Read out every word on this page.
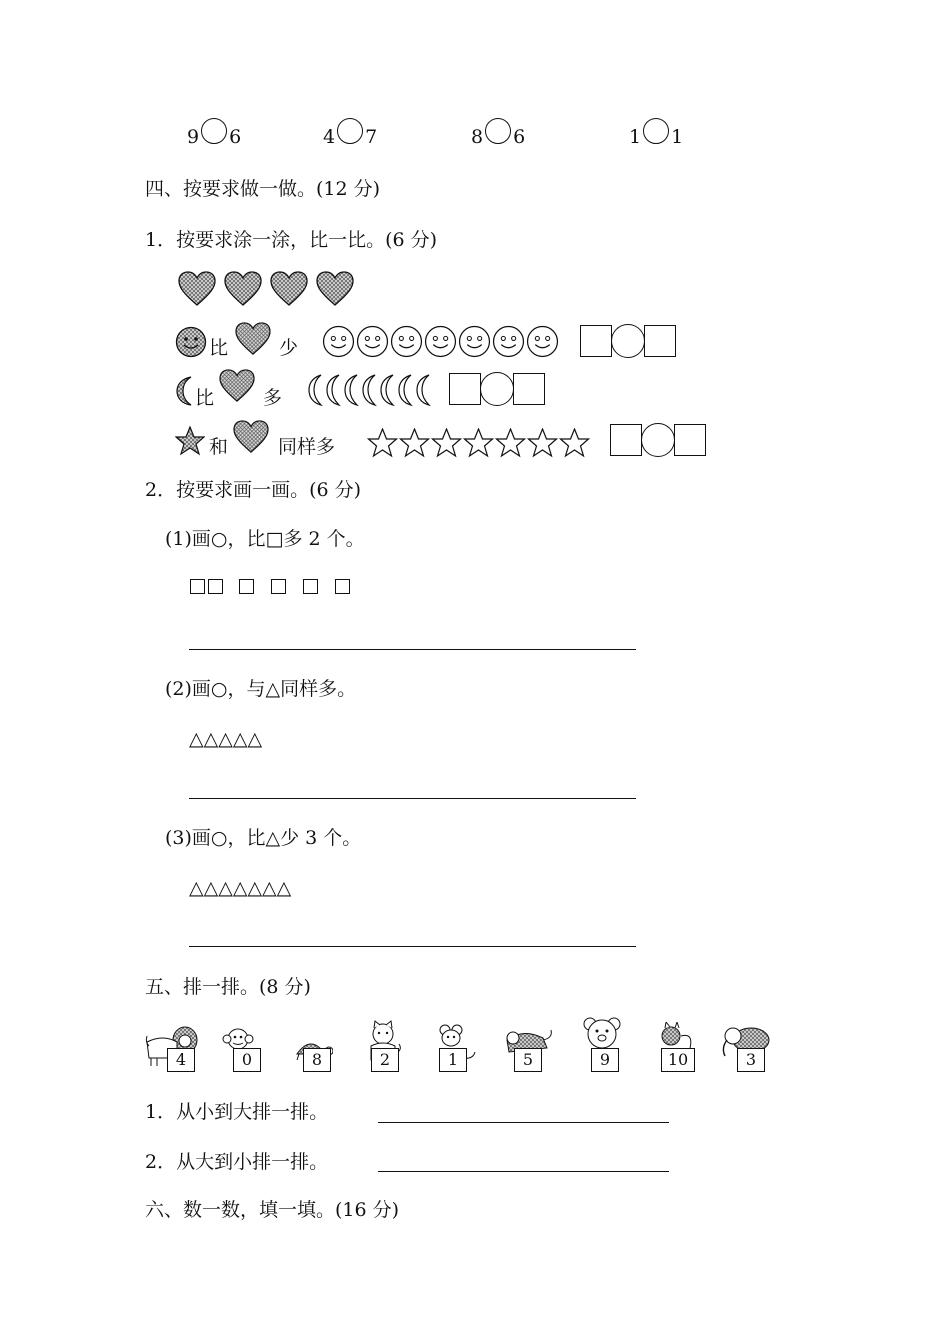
9 6	4 7	8 6	1 1
四、按要求做一做。(12 分)
1．按要求涂一涂，比一比。(6 分)
比	少
比	多
和	同样多
2．按要求画一画。(6 分)
(1)画○，比□多 2 个。
(2)画○，与△同样多。
△△△△△
(3)画○，比△少 3 个。
△△△△△△△
五、排一排。(8 分)
4	0	8	2	1	5	9	10	3
1．从小到大排一排。
2．从大到小排一排。
六、数一数，填一填。(16 分)
